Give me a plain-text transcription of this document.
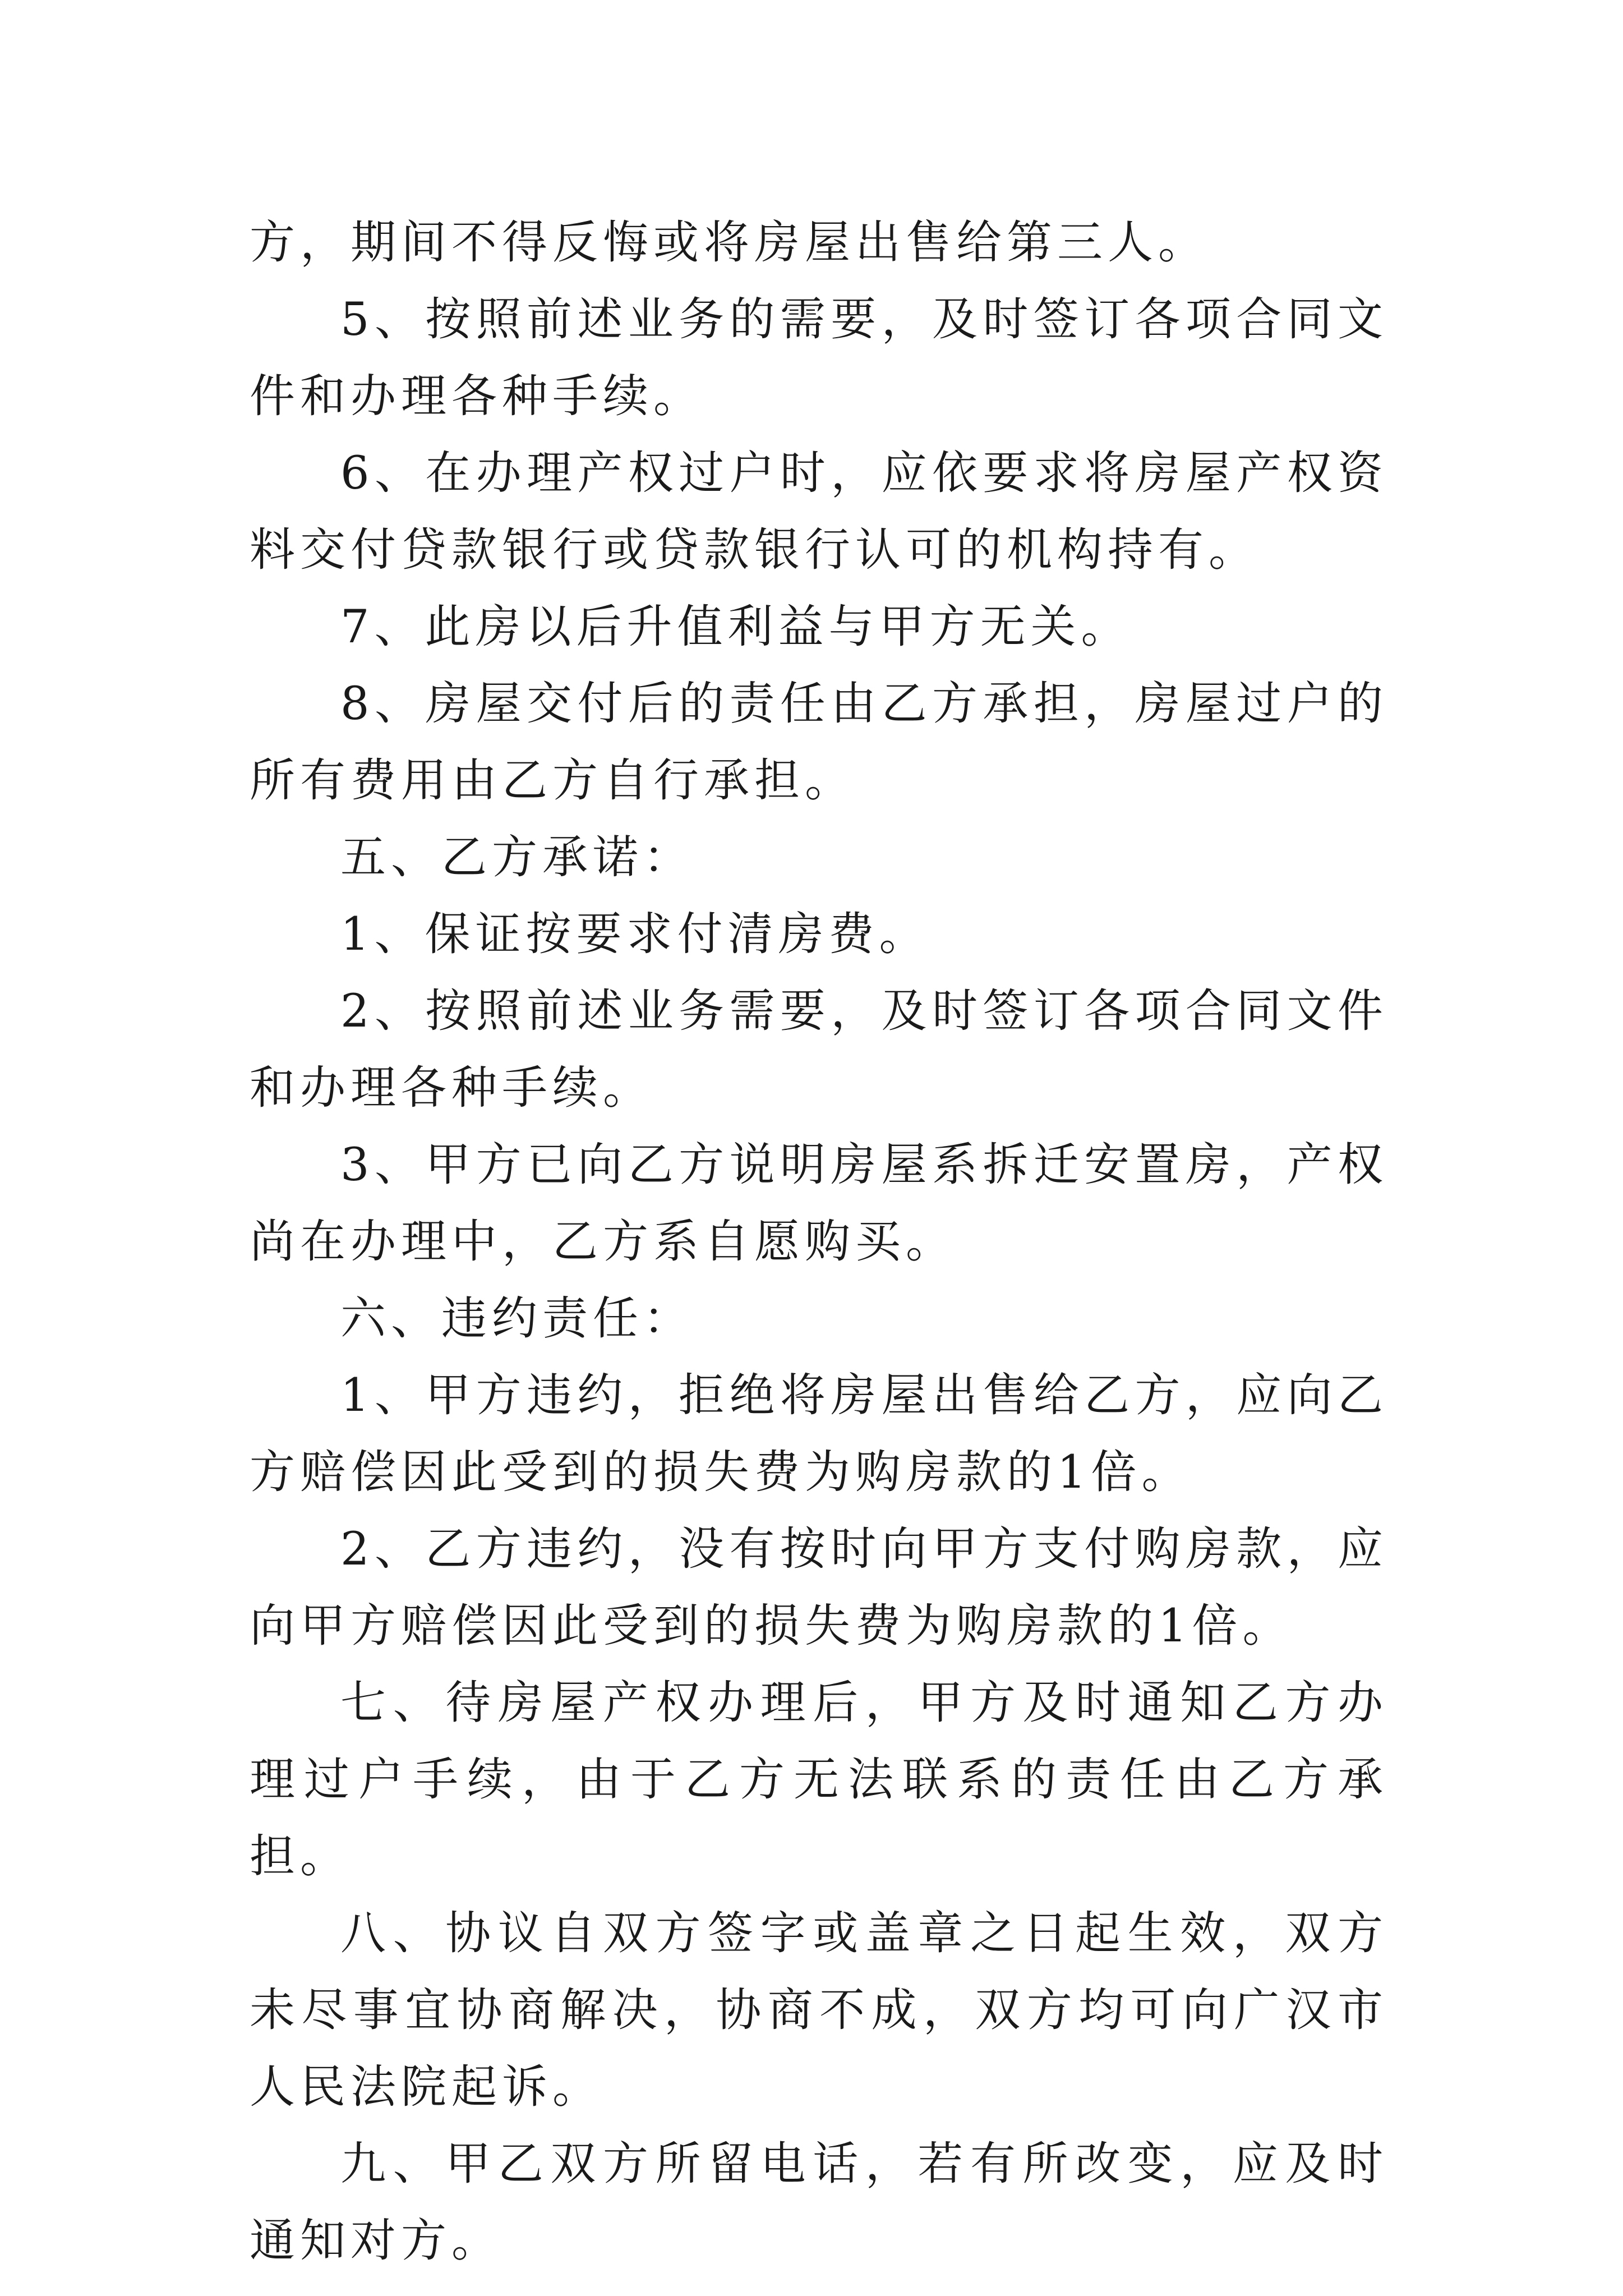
方，期间不得反悔或将房屋出售给第三人。

5、按照前述业务的需要，及时签订各项合同文件和办理各种手续。

6、在办理产权过户时，应依要求将房屋产权资料交付贷款银行或贷款银行认可的机构持有。

7、此房以后升值利益与甲方无关。

8、房屋交付后的责任由乙方承担，房屋过户的所有费用由乙方自行承担。

五、乙方承诺：

1、保证按要求付清房费。

2、按照前述业务需要，及时签订各项合同文件和办理各种手续。

3、甲方已向乙方说明房屋系拆迁安置房，产权尚在办理中，乙方系自愿购买。

六、违约责任：

1、甲方违约，拒绝将房屋出售给乙方，应向乙方赔偿因此受到的损失费为购房款的1倍。

2、乙方违约，没有按时向甲方支付购房款，应向甲方赔偿因此受到的损失费为购房款的1倍。

七、待房屋产权办理后，甲方及时通知乙方办理过户手续，由于乙方无法联系的责任由乙方承担。

八、协议自双方签字或盖章之日起生效，双方未尽事宜协商解决，协商不成，双方均可向广汉市人民法院起诉。

九、甲乙双方所留电话，若有所改变，应及时通知对方。
